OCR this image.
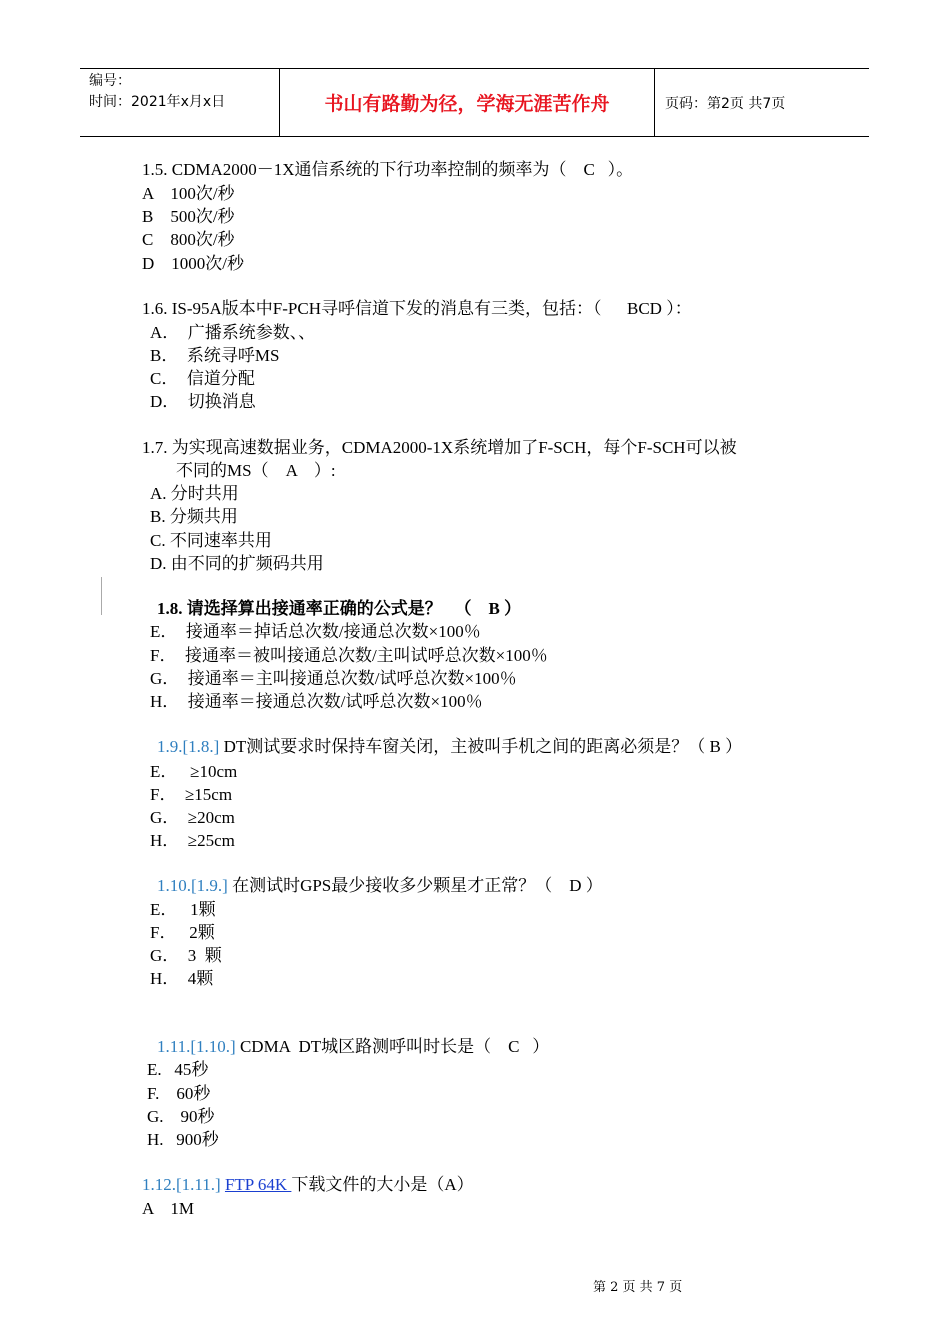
编号：
时间：2021年x月x日	书山有路勤为径，学海无涯苦作舟	页码：第2页 共7页
1.5. CDMA2000－1X通信系统的下行功率控制的频率为（    C   ）。
A    100次/秒
B    500次/秒
C    800次/秒
D    1000次/秒
1.6. IS-95A版本中F-PCH寻呼信道下发的消息有三类，包括：（      BCD ）：
A．  广播系统参数、、
B．  系统寻呼MS
C．  信道分配
D．  切换消息
1.7. 为实现高速数据业务，CDMA2000-1X系统增加了F-SCH，每个F-SCH可以被
不同的MS（    A    ）:
A. 分时共用
B. 分频共用
C. 不同速率共用
D. 由不同的扩频码共用
1.8. 请选择算出接通率正确的公式是？   （    B ）
E．  接通率＝掉话总次数/接通总次数×100％
F．  接通率＝被叫接通总次数/主叫试呼总次数×100％
G．  接通率＝主叫接通总次数/试呼总次数×100％
H．  接通率＝接通总次数/试呼总次数×100％
1.9.[1.8.] DT测试要求时保持车窗关闭，主被叫手机之间的距离必须是？（ B ）
E．   ≥10cm
F．  ≥15cm
G．  ≥20cm
H．  ≥25cm
1.10.[1.9.] 在测试时GPS最少接收多少颗星才正常？（    D ）
E．   1颗
F．   2颗
G．  3  颗
H．  4颗
1.11.[1.10.] CDMA  DT城区路测呼叫时长是（    C   ）
E.   45秒
F.    60秒
G.    90秒
H.   900秒
1.12.[1.11.] FTP 64K 下载文件的大小是（A）
A    1M
第 2 页 共 7 页
